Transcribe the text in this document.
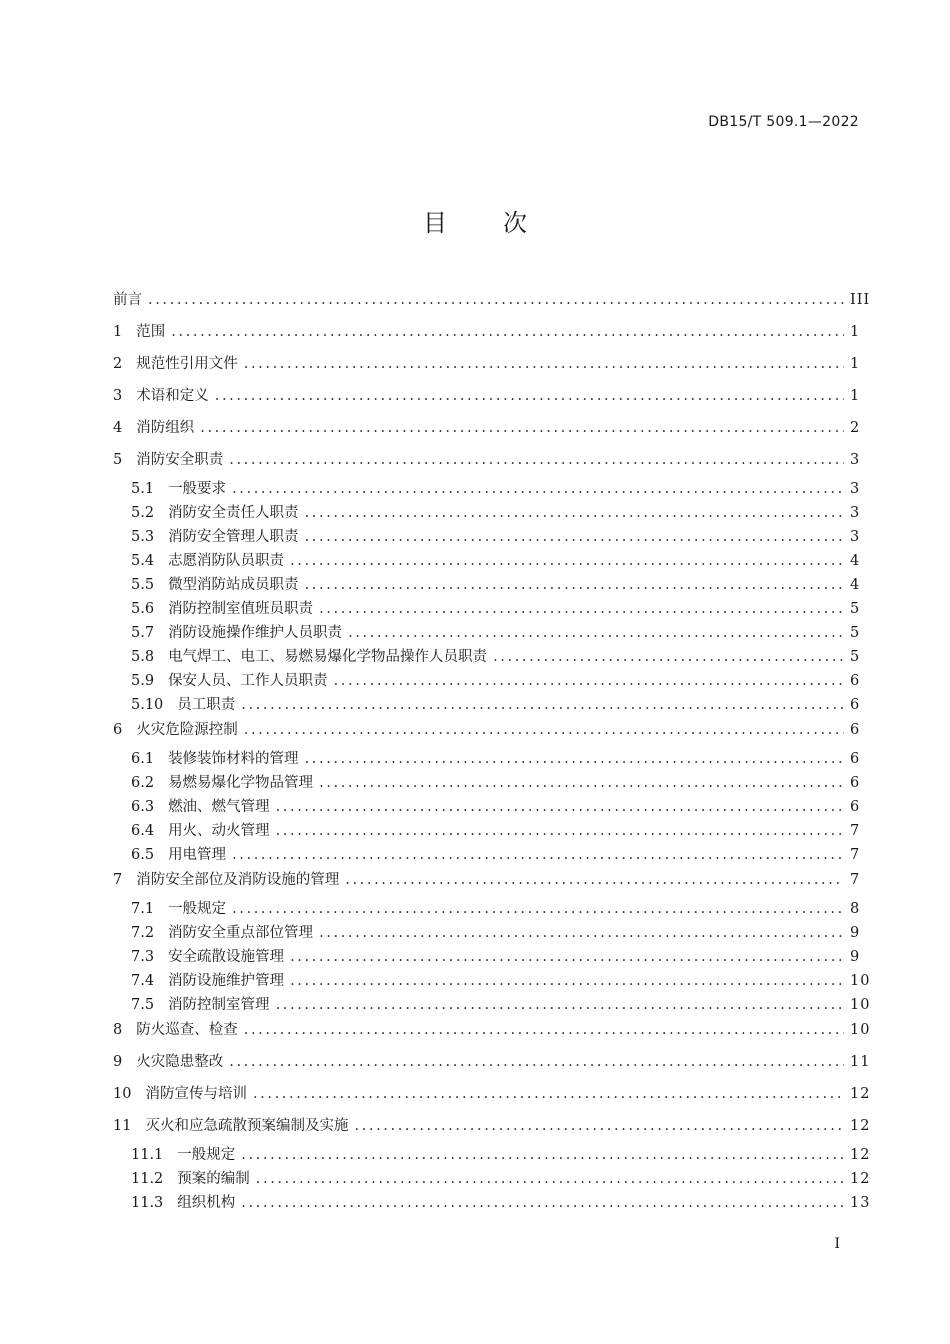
DB15/T 509.1—2022
目 次
前言 .....	III
1 范围 .....	1
2 规范性引用文件 .....	1
3 术语和定义 .....	1
4 消防组织 .....	2
5 消防安全职责 .....	3
5.1 一般要求 .....	3
5.2 消防安全责任人职责 .....	3
5.3 消防安全管理人职责 .....	3
5.4 志愿消防队员职责 .....	4
5.5 微型消防站成员职责 .....	4
5.6 消防控制室值班员职责 .....	5
5.7 消防设施操作维护人员职责 .....	5
5.8 电气焊工、电工、易燃易爆化学物品操作人员职责 .....	5
5.9 保安人员、工作人员职责 .....	6
5.10 员工职责 .....	6
6 火灾危险源控制 .....	6
6.1 装修装饰材料的管理 .....	6
6.2 易燃易爆化学物品管理 .....	6
6.3 燃油、燃气管理 .....	6
6.4 用火、动火管理 .....	7
6.5 用电管理 .....	7
7 消防安全部位及消防设施的管理 .....	7
7.1 一般规定 .....	8
7.2 消防安全重点部位管理 .....	9
7.3 安全疏散设施管理 .....	9
7.4 消防设施维护管理 .....	10
7.5 消防控制室管理 .....	10
8 防火巡查、检查 .....	10
9 火灾隐患整改 .....	11
10 消防宣传与培训 .....	12
11 灭火和应急疏散预案编制及实施 .....	12
11.1 一般规定 .....	12
11.2 预案的编制 .....	12
11.3 组织机构 .....	13
I
